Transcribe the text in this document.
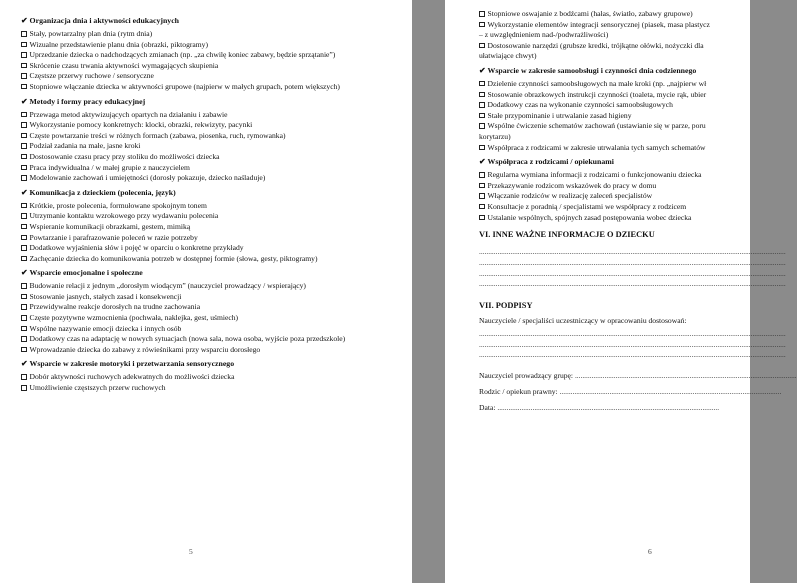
✔ Organizacja dnia i aktywności edukacyjnych
Stały, powtarzalny plan dnia (rytm dnia)
Wizualne przedstawienie planu dnia (obrazki, piktogramy)
Uprzedzanie dziecka o nadchodzących zmianach (np. „za chwilę koniec zabawy, będzie sprzątanie”)
Skrócenie czasu trwania aktywności wymagających skupienia
Częstsze przerwy ruchowe / sensoryczne
Stopniowe włączanie dziecka w aktywności grupowe (najpierw w małych grupach, potem większych)
✔ Metody i formy pracy edukacyjnej
Przewaga metod aktywizujących opartych na działaniu i zabawie
Wykorzystanie pomocy konkretnych: klocki, obrazki, rekwizyty, pacynki
Częste powtarzanie treści w różnych formach (zabawa, piosenka, ruch, rymowanka)
Podział zadania na małe, jasne kroki
Dostosowanie czasu pracy przy stoliku do możliwości dziecka
Praca indywidualna / w małej grupie z nauczycielem
Modelowanie zachowań i umiejętności (dorosły pokazuje, dziecko naśladuje)
✔ Komunikacja z dzieckiem (polecenia, język)
Krótkie, proste polecenia, formułowane spokojnym tonem
Utrzymanie kontaktu wzrokowego przy wydawaniu polecenia
Wspieranie komunikacji obrazkami, gestem, mimiką
Powtarzanie i parafrazowanie poleceń w razie potrzeby
Dodatkowe wyjaśnienia słów i pojęć w oparciu o konkretne przykłady
Zachęcanie dziecka do komunikowania potrzeb w dostępnej formie (słowa, gesty, piktogramy)
✔ Wsparcie emocjonalne i społeczne
Budowanie relacji z jednym „dorosłym wiodącym” (nauczyciel prowadzący / wspierający)
Stosowanie jasnych, stałych zasad i konsekwencji
Przewidywalne reakcje dorosłych na trudne zachowania
Częste pozytywne wzmocnienia (pochwała, naklejka, gest, uśmiech)
Wspólne nazywanie emocji dziecka i innych osób
Dodatkowy czas na adaptację w nowych sytuacjach (nowa sala, nowa osoba, wyjście poza przedszkole)
Wprowadzanie dziecka do zabawy z rówieśnikami przy wsparciu dorosłego
✔ Wsparcie w zakresie motoryki i przetwarzania sensorycznego
Dobór aktywności ruchowych adekwatnych do możliwości dziecka
Umożliwienie częstszych przerw ruchowych
5
Stopniowe oswajanie z bodźcami (hałas, światło, zabawy grupowe)
Wykorzystanie elementów integracji sensorycznej (piasek, masa plastycz
– z uwzględnieniem nad-/podwrażliwości)
Dostosowanie narzędzi (grubsze kredki, trójkątne ołówki, nożyczki dla
ułatwiające chwyt)
✔ Wsparcie w zakresie samoobsługi i czynności dnia codziennego
Dzielenie czynności samoobsługowych na małe kroki (np. „najpierw wł
Stosowanie obrazkowych instrukcji czynności (toaleta, mycie rąk, ubier
Dodatkowy czas na wykonanie czynności samoobsługowych
Stałe przypominanie i utrwalanie zasad higieny
Wspólne ćwiczenie schematów zachowań (ustawianie się w parze, poru
korytarzu)
Współpraca z rodzicami w zakresie utrwalania tych samych schematów
✔ Współpraca z rodzicami / opiekunami
Regularna wymiana informacji z rodzicami o funkcjonowaniu dziecka
Przekazywanie rodzicom wskazówek do pracy w domu
Włączanie rodziców w realizację zaleceń specjalistów
Konsultacje z poradnią / specjalistami we współpracy z rodzicem
Ustalanie wspólnych, spójnych zasad postępowania wobec dziecka
VI. INNE WAŻNE INFORMACJE O DZIECKU
......................................................................................................................................................................
......................................................................................................................................................................
......................................................................................................................................................................
......................................................................................................................................................................
VII. PODPISY
Nauczyciele / specjaliści uczestniczący w opracowaniu dostosowań:
......................................................................................................................................................................
......................................................................................................................................................................
......................................................................................................................................................................
Nauczyciel prowadzący grupę: ........................................................................................................................
Rodzic / opiekun prawny: ........................................................................................................................
Data: ........................................................................................................................
6
